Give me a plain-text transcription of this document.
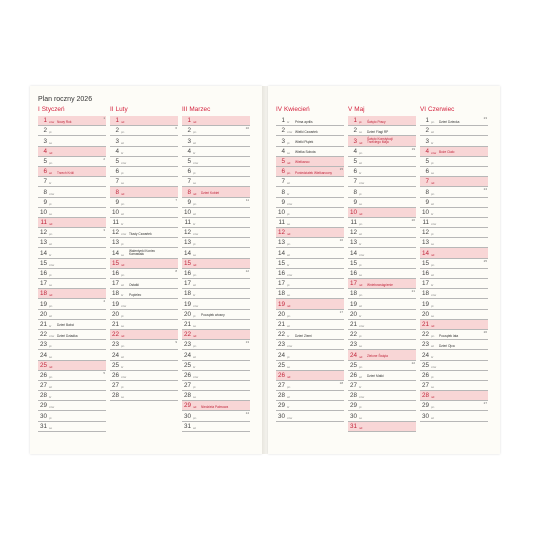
Plan roczny 2026
I Styczeń
1 czw Nowy Rok
1
2 pt
3 so
4 nd
5 pn
2
6 wt Trzech Króli
7 śr
8 czw
9 pt
10 so
11 nd
12 pn
3
13 wt
14 śr
15 czw
16 pt
17 so
18 nd
19 pn
4
20 wt
21 śr Dzień Babci
22 czw Dzień Dziadka
23 pt
24 so
25 nd
26 pn
5
27 wt
28 śr
29 czw
30 pt
31 so
II Luty
1 nd
2 pn
6
3 wt
4 śr
5 czw
6 pt
7 so
8 nd
9 pn
7
10 wt
11 śr
12 czw Tłusty Czwartek
13 pt
14 so
Walentynki Koniec Karnawału
15 nd
16 pn
8
17 wt Ostatki
18 śr Popielec
19 czw
20 pt
21 so
22 nd
23 pn
9
24 wt
25 śr
26 czw
27 pt
28 so
III Marzec
1 nd
2 pn
10
3 wt
4 śr
5 czw
6 pt
7 so
8 nd Dzień Kobiet
9 pn
11
10 wt
11 śr
12 czw
13 pt
14 so
15 nd
16 pn
12
17 wt
18 śr
19 czw
20 pt Początek wiosny
21 so
22 nd
23 pn
13
24 wt
25 śr
26 czw
27 pt
28 so
29 nd Niedziela Palmowa
30 pn
14
31 wt
IV Kwiecień
1 śr Prima aprilis
2 czw Wielki Czwartek
3 pt Wielki Piątek
4 so Wielka Sobota
5 nd Wielkanoc
6 pn Poniedziałek Wielkanocny
15
7 wt
8 śr
9 czw
10 pt
11 so
12 nd
13 pn
16
14 wt
15 śr
16 czw
17 pt
18 so
19 nd
20 pn
17
21 wt
22 śr Dzień Ziemi
23 czw
24 pt
25 so
26 nd
27 pn
18
28 wt
29 śr
30 czw
V Maj
1 pt Święto Pracy
2 so Dzień Flagi RP
3 nd
Święto Konstytucji Trzeciego Maja
4 pn
19
5 wt
6 śr
7 czw
8 pt
9 so
10 nd
11 pn
20
12 wt
13 śr
14 czw
15 pt
16 so
17 nd Wniebowstąpienie
18 pn
21
19 wt
20 śr
21 czw
22 pt
23 so
24 nd Zielone Święta
25 pn
22
26 wt Dzień Matki
27 śr
28 czw
29 pt
30 so
31 nd
VI Czerwiec
1 pn Dzień Dziecka
23
2 wt
3 śr
4 czw Boże Ciało
5 pt
6 so
7 nd
8 pn
24
9 wt
10 śr
11 czw
12 pt
13 so
14 nd
15 pn
25
16 wt
17 śr
18 czw
19 pt
20 so
21 nd
22 pn Początek lata
26
23 wt Dzień Ojca
24 śr
25 czw
26 pt
27 so
28 nd
29 pn
27
30 wt
